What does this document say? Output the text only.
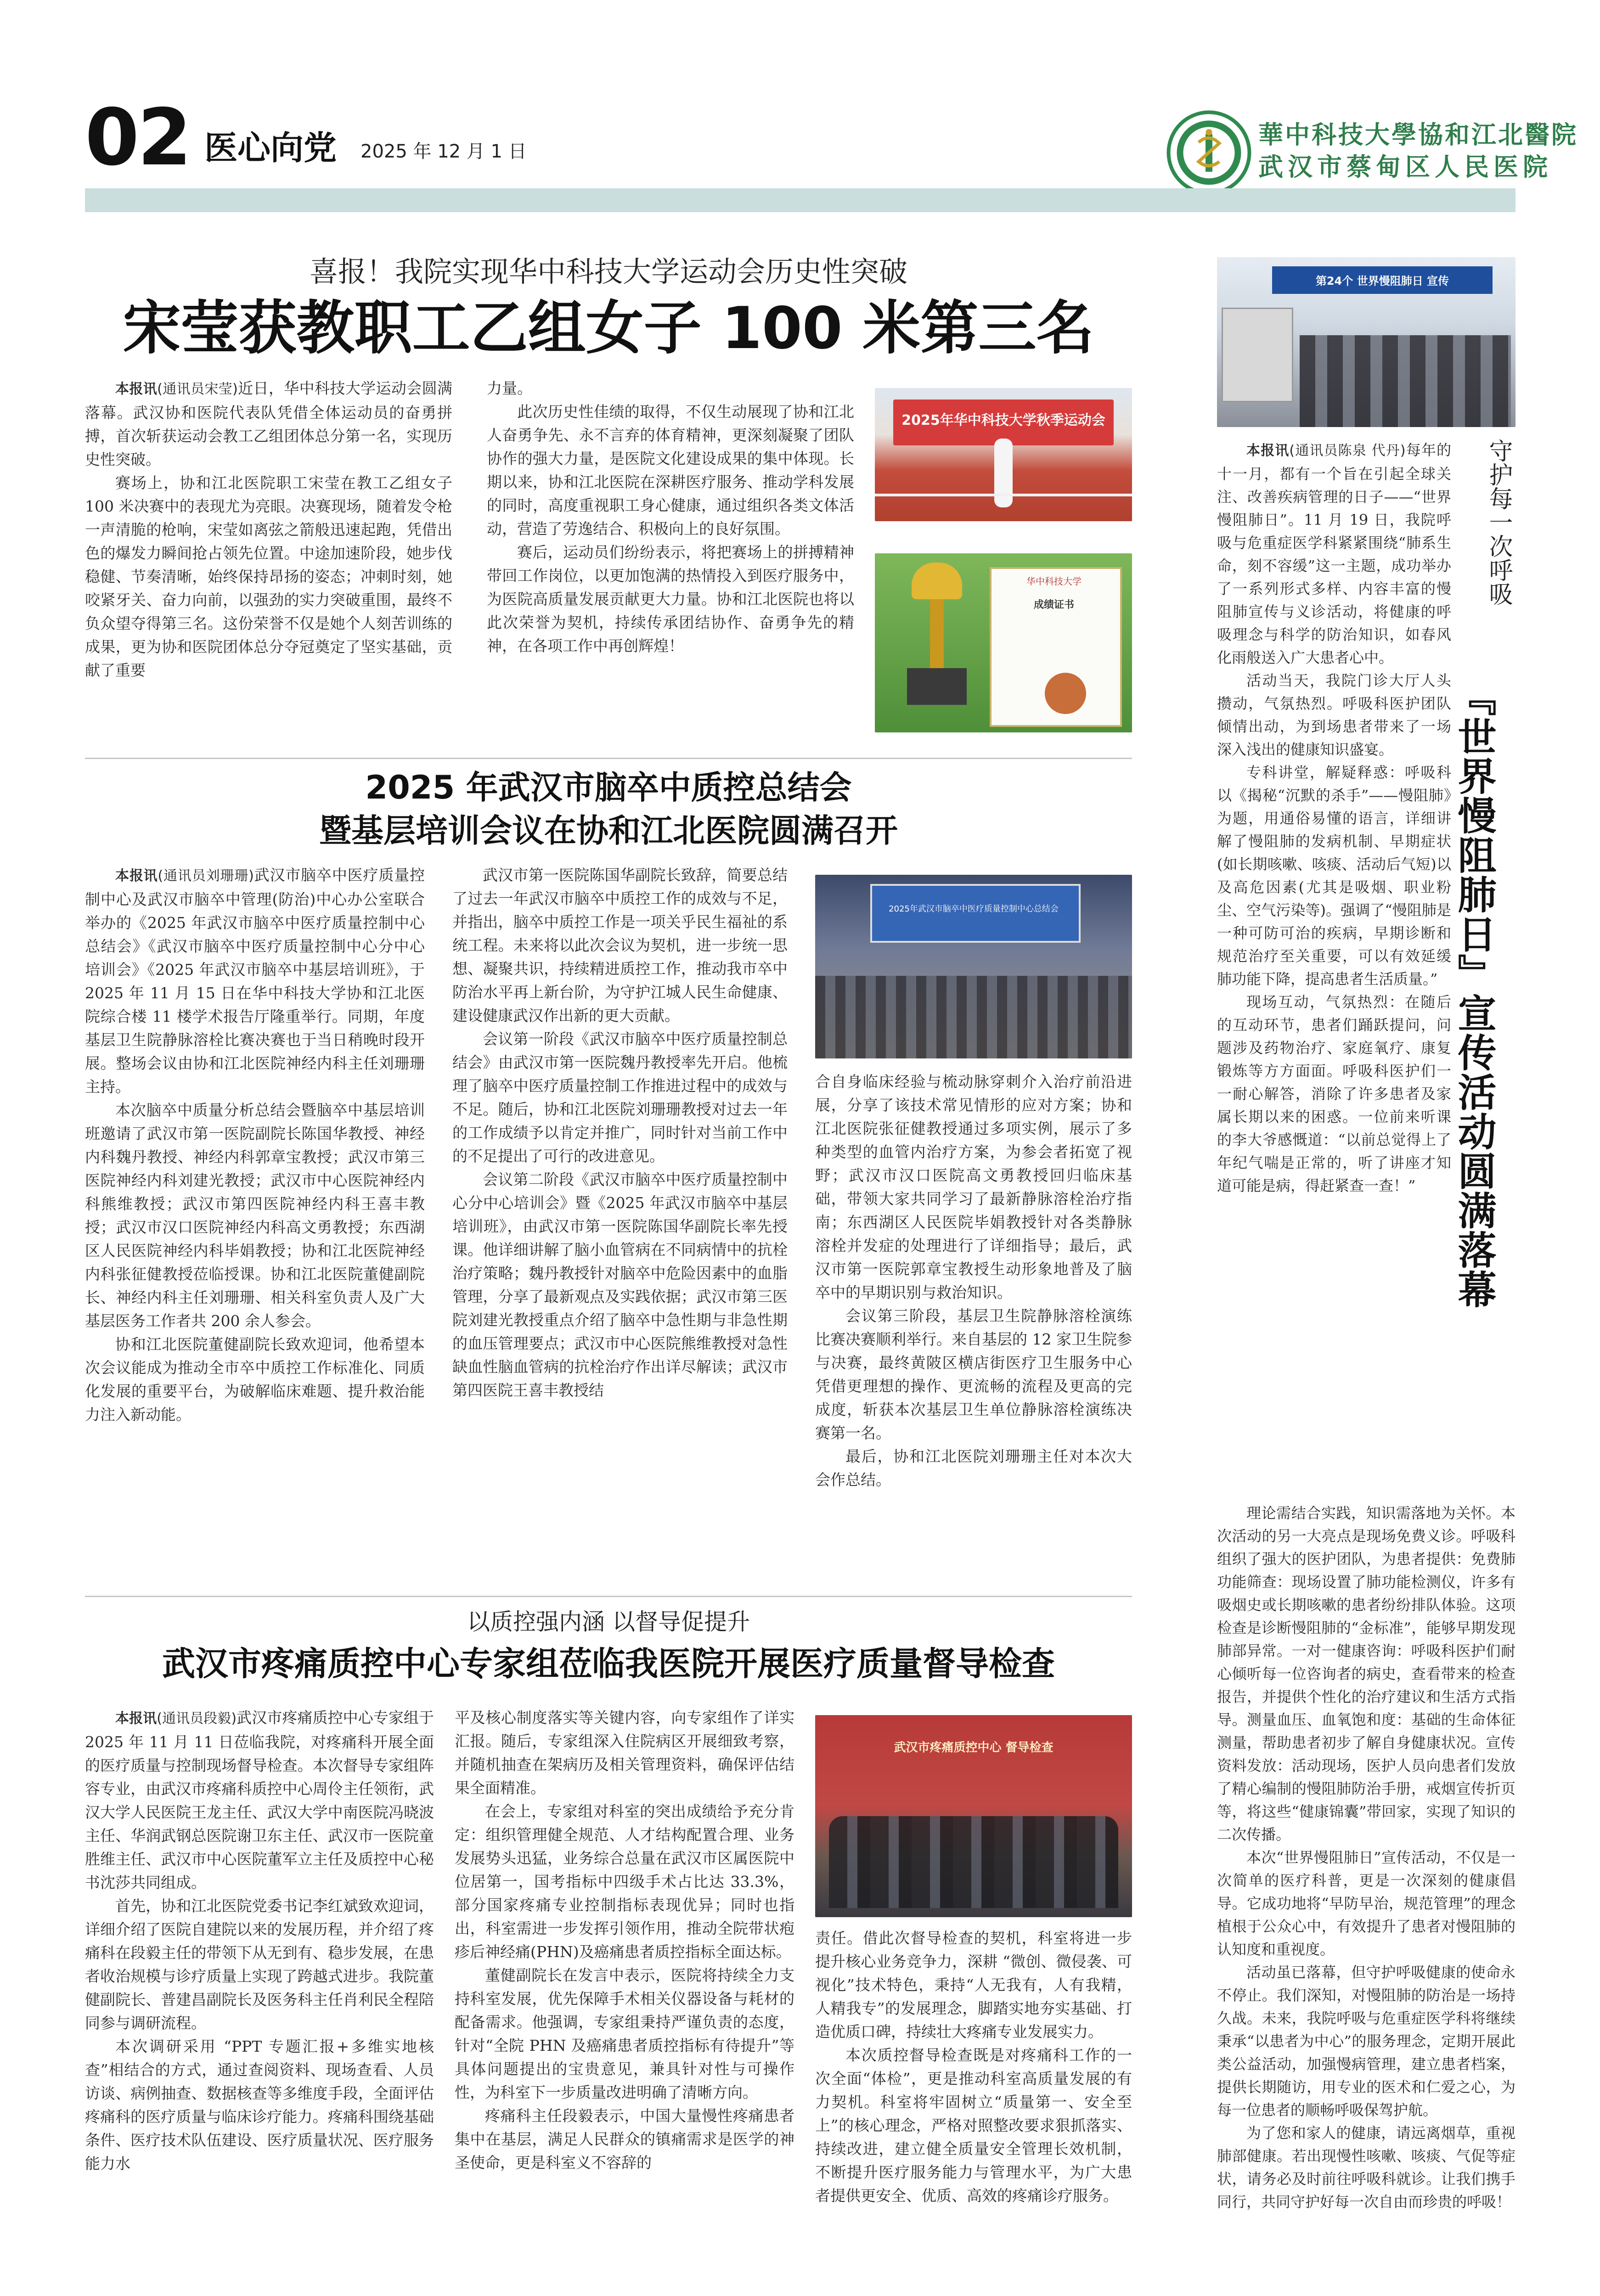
02 医心向党 2025 年 12 月 1 日
華中科技大學協和江北醫院
武汉市蔡甸区人民医院
喜报！我院实现华中科技大学运动会历史性突破
宋莹获教职工乙组女子 100 米第三名

本报讯(通讯员宋莹)近日，华中科技大学运动会圆满落幕。武汉协和医院代表队凭借全体运动员的奋勇拼搏，首次斩获运动会教工乙组团体总分第一名，实现历史性突破。

赛场上，协和江北医院职工宋莹在教工乙组女子 100 米决赛中的表现尤为亮眼。决赛现场，随着发令枪一声清脆的枪响，宋莹如离弦之箭般迅速起跑，凭借出色的爆发力瞬间抢占领先位置。中途加速阶段，她步伐稳健、节奏清晰，始终保持昂扬的姿态；冲刺时刻，她咬紧牙关、奋力向前，以强劲的实力突破重围，最终不负众望夺得第三名。这份荣誉不仅是她个人刻苦训练的成果，更为协和医院团体总分夺冠奠定了坚实基础，贡献了重要

力量。

此次历史性佳绩的取得，不仅生动展现了协和江北人奋勇争先、永不言弃的体育精神，更深刻凝聚了团队协作的强大力量，是医院文化建设成果的集中体现。长期以来，协和江北医院在深耕医疗服务、推动学科发展的同时，高度重视职工身心健康，通过组织各类文体活动，营造了劳逸结合、积极向上的良好氛围。

赛后，运动员们纷纷表示，将把赛场上的拼搏精神带回工作岗位，以更加饱满的热情投入到医疗服务中，为医院高质量发展贡献更大力量。协和江北医院也将以此次荣誉为契机，持续传承团结协作、奋勇争先的精神，在各项工作中再创辉煌！

2025年华中科技大学秋季运动会
华中科技大学
成绩证书
2025 年武汉市脑卒中质控总结会
暨基层培训会议在协和江北医院圆满召开

本报讯(通讯员刘珊珊)武汉市脑卒中医疗质量控制中心及武汉市脑卒中管理(防治)中心办公室联合举办的《2025 年武汉市脑卒中医疗质量控制中心总结会》《武汉市脑卒中医疗质量控制中心分中心培训会》《2025 年武汉市脑卒中基层培训班》，于 2025 年 11 月 15 日在华中科技大学协和江北医院综合楼 11 楼学术报告厅隆重举行。同期，年度基层卫生院静脉溶栓比赛决赛也于当日稍晚时段开展。整场会议由协和江北医院神经内科主任刘珊珊主持。

本次脑卒中质量分析总结会暨脑卒中基层培训班邀请了武汉市第一医院副院长陈国华教授、神经内科魏丹教授、神经内科郭章宝教授；武汉市第三医院神经内科刘建光教授；武汉市中心医院神经内科熊维教授；武汉市第四医院神经内科王喜丰教授；武汉市汉口医院神经内科高文勇教授；东西湖区人民医院神经内科毕娟教授；协和江北医院神经内科张征健教授莅临授课。协和江北医院董健副院长、神经内科主任刘珊珊、相关科室负责人及广大基层医务工作者共 200 余人参会。

协和江北医院董健副院长致欢迎词，他希望本次会议能成为推动全市卒中质控工作标准化、同质化发展的重要平台，为破解临床难题、提升救治能力注入新动能。

武汉市第一医院陈国华副院长致辞，简要总结了过去一年武汉市脑卒中质控工作的成效与不足，并指出，脑卒中质控工作是一项关乎民生福祉的系统工程。未来将以此次会议为契机，进一步统一思想、凝聚共识，持续精进质控工作，推动我市卒中防治水平再上新台阶，为守护江城人民生命健康、建设健康武汉作出新的更大贡献。

会议第一阶段《武汉市脑卒中医疗质量控制总结会》由武汉市第一医院魏丹教授率先开启。他梳理了脑卒中医疗质量控制工作推进过程中的成效与不足。随后，协和江北医院刘珊珊教授对过去一年的工作成绩予以肯定并推广，同时针对当前工作中的不足提出了可行的改进意见。

会议第二阶段《武汉市脑卒中医疗质量控制中心分中心培训会》暨《2025 年武汉市脑卒中基层培训班》，由武汉市第一医院陈国华副院长率先授课。他详细讲解了脑小血管病在不同病情中的抗栓治疗策略；魏丹教授针对脑卒中危险因素中的血脂管理，分享了最新观点及实践依据；武汉市第三医院刘建光教授重点介绍了脑卒中急性期与非急性期的血压管理要点；武汉市中心医院熊维教授对急性缺血性脑血管病的抗栓治疗作出详尽解读；武汉市第四医院王喜丰教授结

2025年武汉市脑卒中医疗质量控制中心总结会

合自身临床经验与梳动脉穿刺介入治疗前沿进展，分享了该技术常见情形的应对方案；协和江北医院张征健教授通过多项实例，展示了多种类型的血管内治疗方案，为参会者拓宽了视野；武汉市汉口医院高文勇教授回归临床基础，带领大家共同学习了最新静脉溶栓治疗指南；东西湖区人民医院毕娟教授针对各类静脉溶栓并发症的处理进行了详细指导；最后，武汉市第一医院郭章宝教授生动形象地普及了脑卒中的早期识别与救治知识。

会议第三阶段，基层卫生院静脉溶栓演练比赛决赛顺利举行。来自基层的 12 家卫生院参与决赛，最终黄陂区横店街医疗卫生服务中心凭借更理想的操作、更流畅的流程及更高的完成度，斩获本次基层卫生单位静脉溶栓演练决赛第一名。

最后，协和江北医院刘珊珊主任对本次大会作总结。

以质控强内涵 以督导促提升
武汉市疼痛质控中心专家组莅临我医院开展医疗质量督导检查

本报讯(通讯员段毅)武汉市疼痛质控中心专家组于 2025 年 11 月 11 日莅临我院，对疼痛科开展全面的医疗质量与控制现场督导检查。本次督导专家组阵容专业，由武汉市疼痛科质控中心周伶主任领衔，武汉大学人民医院王龙主任、武汉大学中南医院冯晓波主任、华润武钢总医院谢卫东主任、武汉市一医院童胜维主任、武汉市中心医院董军立主任及质控中心秘书沈莎共同组成。

首先，协和江北医院党委书记李红斌致欢迎词，详细介绍了医院自建院以来的发展历程，并介绍了疼痛科在段毅主任的带领下从无到有、稳步发展，在患者收治规模与诊疗质量上实现了跨越式进步。我院董健副院长、普建昌副院长及医务科主任肖利民全程陪同参与调研流程。

本次调研采用 “PPT 专题汇报+多维实地核查”相结合的方式，通过查阅资料、现场查看、人员访谈、病例抽查、数据核查等多维度手段，全面评估疼痛科的医疗质量与临床诊疗能力。疼痛科围绕基础条件、医疗技术队伍建设、医疗质量状况、医疗服务能力水

平及核心制度落实等关键内容，向专家组作了详实汇报。随后，专家组深入住院病区开展细致考察，并随机抽查在架病历及相关管理资料，确保评估结果全面精准。

在会上，专家组对科室的突出成绩给予充分肯定：组织管理健全规范、人才结构配置合理、业务发展势头迅猛，业务综合总量在武汉市区属医院中位居第一，国考指标中四级手术占比达 33.3%，部分国家疼痛专业控制指标表现优异；同时也指出，科室需进一步发挥引领作用，推动全院带状疱疹后神经痛(PHN)及癌痛患者质控指标全面达标。

董健副院长在发言中表示，医院将持续全力支持科室发展，优先保障手术相关仪器设备与耗材的配备需求。他强调，专家组秉持严谨负责的态度，针对“全院 PHN 及癌痛患者质控指标有待提升”等具体问题提出的宝贵意见，兼具针对性与可操作性，为科室下一步质量改进明确了清晰方向。

疼痛科主任段毅表示，中国大量慢性疼痛患者集中在基层，满足人民群众的镇痛需求是医学的神圣使命，更是科室义不容辞的

武汉市疼痛质控中心 督导检查

责任。借此次督导检查的契机，科室将进一步提升核心业务竞争力，深耕 “微创、微侵袭、可视化”技术特色，秉持“人无我有，人有我精，人精我专”的发展理念，脚踏实地夯实基础、打造优质口碑，持续壮大疼痛专业发展实力。

本次质控督导检查既是对疼痛科工作的一次全面“体检”，更是推动科室高质量发展的有力契机。科室将牢固树立“质量第一、安全至上”的核心理念，严格对照整改要求狠抓落实、持续改进，建立健全质量安全管理长效机制，不断提升医疗服务能力与管理水平，为广大患者提供更安全、优质、高效的疼痛诊疗服务。

第24个 世界慢阻肺日 宣传
守护每一次呼吸
『世界慢阻肺日』宣传活动圆满落幕

本报讯(通讯员陈泉 代丹)每年的十一月，都有一个旨在引起全球关注、改善疾病管理的日子——“世界慢阻肺日”。11 月 19 日，我院呼吸与危重症医学科紧紧围绕“肺系生命，刻不容缓”这一主题，成功举办了一系列形式多样、内容丰富的慢阻肺宣传与义诊活动，将健康的呼吸理念与科学的防治知识，如春风化雨般送入广大患者心中。

活动当天，我院门诊大厅人头攒动，气氛热烈。呼吸科医护团队倾情出动，为到场患者带来了一场深入浅出的健康知识盛宴。

专科讲堂，解疑释惑：呼吸科以《揭秘“沉默的杀手”——慢阻肺》为题，用通俗易懂的语言，详细讲解了慢阻肺的发病机制、早期症状(如长期咳嗽、咳痰、活动后气短)以及高危因素(尤其是吸烟、职业粉尘、空气污染等)。强调了“慢阻肺是一种可防可治的疾病，早期诊断和规范治疗至关重要，可以有效延缓肺功能下降，提高患者生活质量。”

现场互动，气氛热烈：在随后的互动环节，患者们踊跃提问，问题涉及药物治疗、家庭氧疗、康复锻炼等方方面面。呼吸科医护们一一耐心解答，消除了许多患者及家属长期以来的困惑。一位前来听课的李大爷感慨道：“以前总觉得上了年纪气喘是正常的，听了讲座才知道可能是病，得赶紧查一查！”

理论需结合实践，知识需落地为关怀。本次活动的另一大亮点是现场免费义诊。呼吸科组织了强大的医护团队，为患者提供：免费肺功能筛查：现场设置了肺功能检测仪，许多有吸烟史或长期咳嗽的患者纷纷排队体验。这项检查是诊断慢阻肺的“金标准”，能够早期发现肺部异常。一对一健康咨询：呼吸科医护们耐心倾听每一位咨询者的病史，查看带来的检查报告，并提供个性化的治疗建议和生活方式指导。测量血压、血氧饱和度：基础的生命体征测量，帮助患者初步了解自身健康状况。宣传资料发放：活动现场，医护人员向患者们发放了精心编制的慢阻肺防治手册，戒烟宣传折页等，将这些“健康锦囊”带回家，实现了知识的二次传播。

本次“世界慢阻肺日”宣传活动，不仅是一次简单的医疗科普，更是一次深刻的健康倡导。它成功地将“早防早治，规范管理”的理念植根于公众心中，有效提升了患者对慢阻肺的认知度和重视度。

活动虽已落幕，但守护呼吸健康的使命永不停止。我们深知，对慢阻肺的防治是一场持久战。未来，我院呼吸与危重症医学科将继续秉承“以患者为中心”的服务理念，定期开展此类公益活动，加强慢病管理，建立患者档案，提供长期随访，用专业的医术和仁爱之心，为每一位患者的顺畅呼吸保驾护航。

为了您和家人的健康，请远离烟草，重视肺部健康。若出现慢性咳嗽、咳痰、气促等症状，请务必及时前往呼吸科就诊。让我们携手同行，共同守护好每一次自由而珍贵的呼吸！
